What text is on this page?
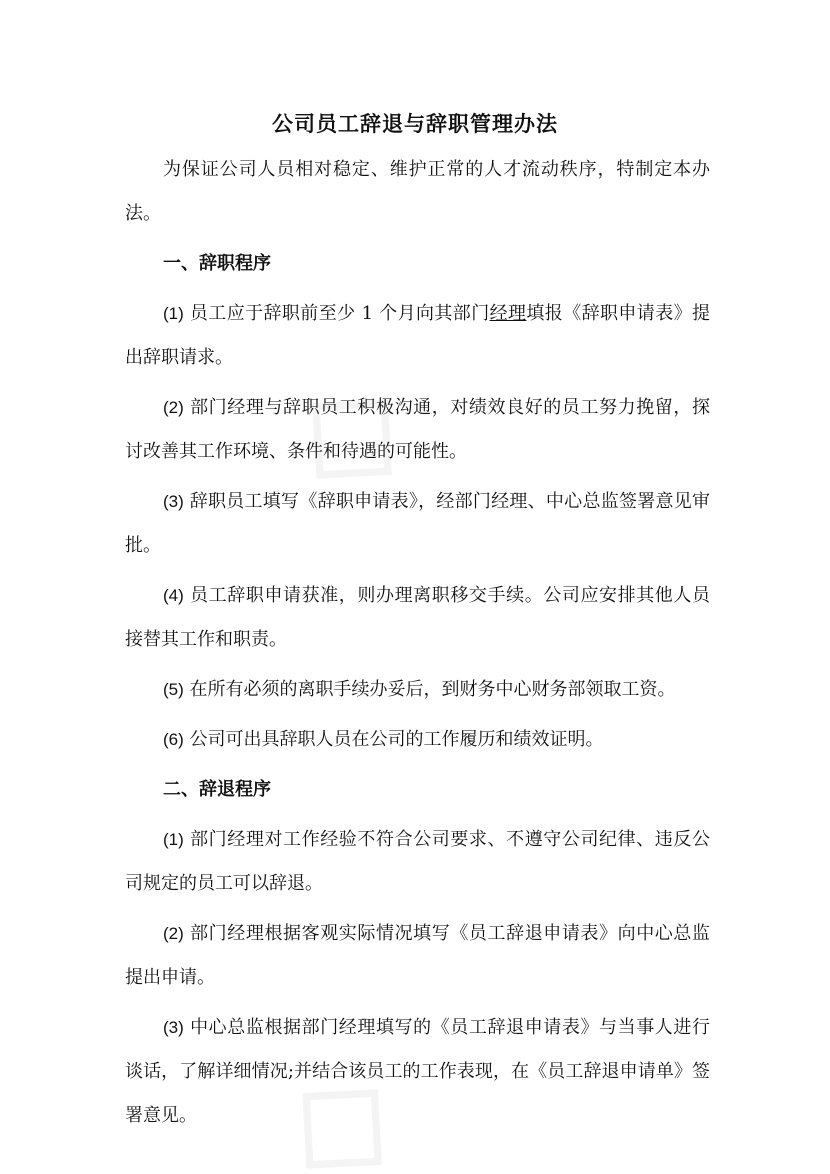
公司员工辞退与辞职管理办法

为保证公司人员相对稳定、维护正常的人才流动秩序，特制定本办法。

一、辞职程序

(1) 员工应于辞职前至少 1 个月向其部门经理填报《辞职申请表》提出辞职请求。

(2) 部门经理与辞职员工积极沟通，对绩效良好的员工努力挽留，探讨改善其工作环境、条件和待遇的可能性。

(3) 辞职员工填写《辞职申请表》，经部门经理、中心总监签署意见审批。

(4) 员工辞职申请获准，则办理离职移交手续。公司应安排其他人员接替其工作和职责。

(5) 在所有必须的离职手续办妥后，到财务中心财务部领取工资。

(6) 公司可出具辞职人员在公司的工作履历和绩效证明。

二、辞退程序

(1) 部门经理对工作经验不符合公司要求、不遵守公司纪律、违反公司规定的员工可以辞退。

(2) 部门经理根据客观实际情况填写《员工辞退申请表》向中心总监提出申请。

(3) 中心总监根据部门经理填写的《员工辞退申请表》与当事人进行谈话，了解详细情况;并结合该员工的工作表现，在《员工辞退申请单》签署意见。
